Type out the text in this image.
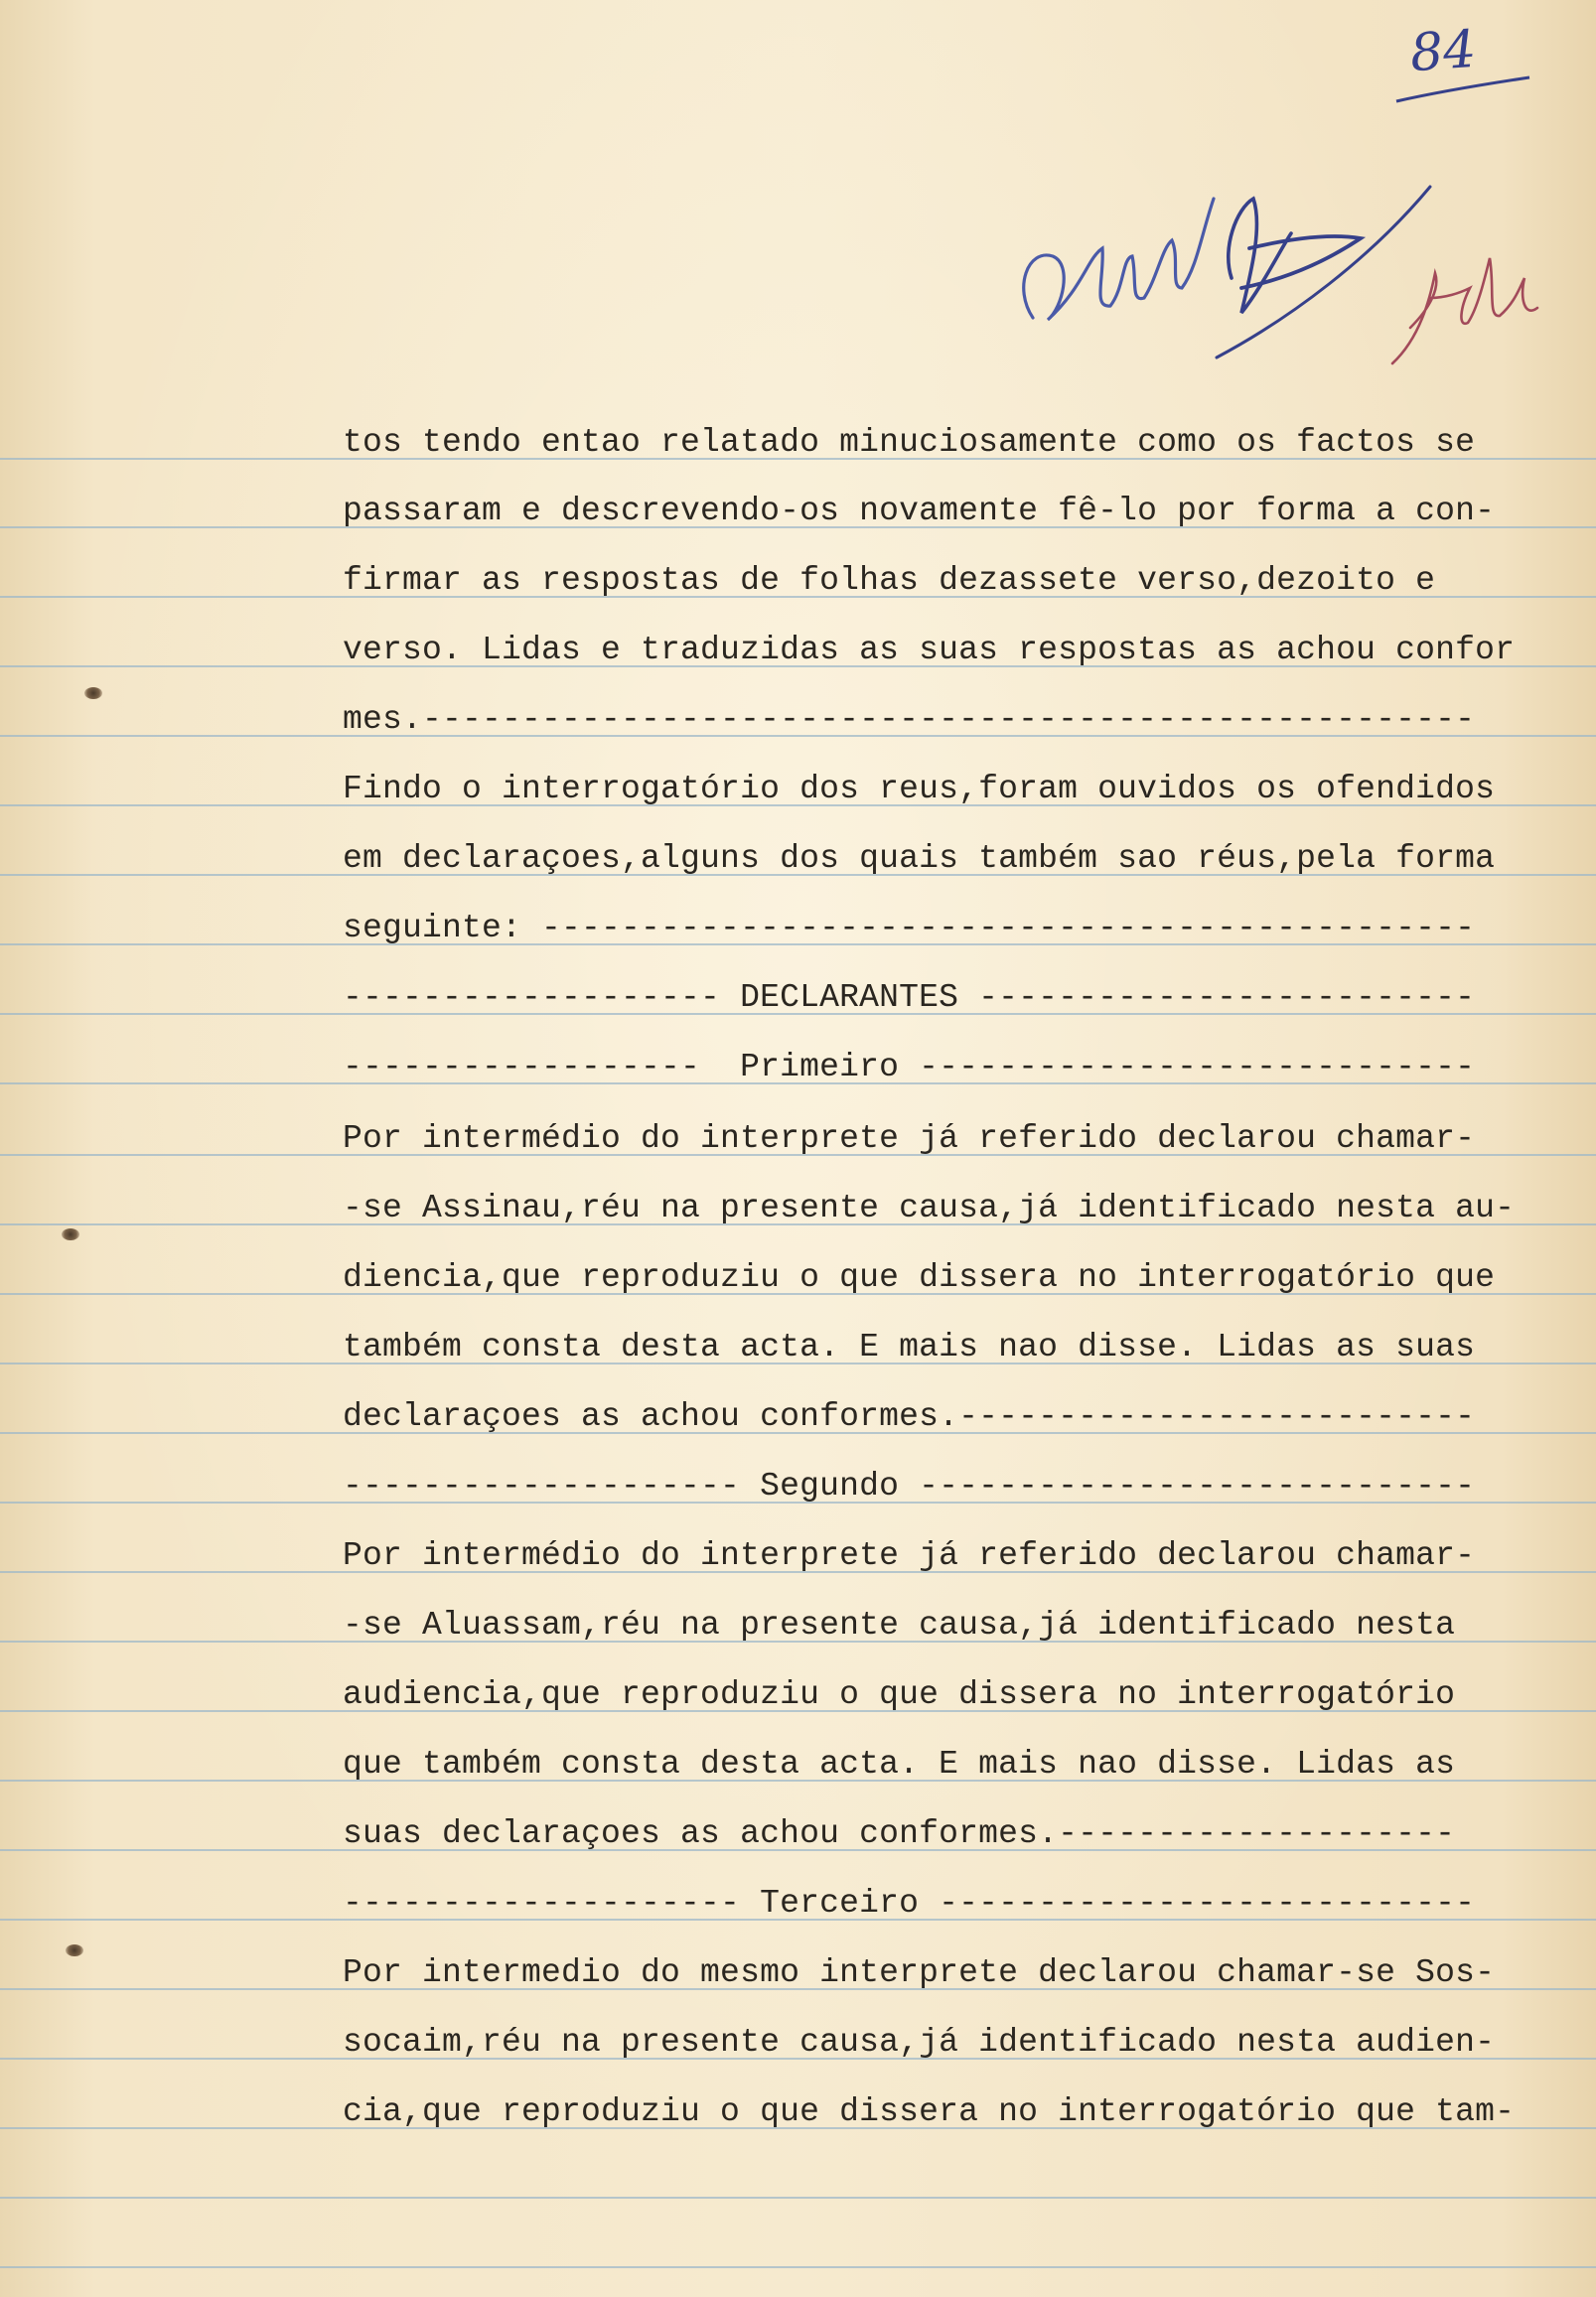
84
tos tendo entao relatado minuciosamente como os factos se
passaram e descrevendo-os novamente fê-lo por forma a con-
firmar as respostas de folhas dezassete verso,dezoito e
verso. Lidas e traduzidas as suas respostas as achou confor
mes.-----------------------------------------------------
Findo o interrogatório dos reus,foram ouvidos os ofendidos
em declaraçoes,alguns dos quais também sao réus,pela forma
seguinte: -----------------------------------------------
------------------- DECLARANTES -------------------------
------------------  Primeiro ----------------------------
Por intermédio do interprete já referido declarou chamar-
-se Assinau,réu na presente causa,já identificado nesta au-
diencia,que reproduziu o que dissera no interrogatório que
também consta desta acta. E mais nao disse. Lidas as suas
declaraçoes as achou conformes.--------------------------
-------------------- Segundo ----------------------------
Por intermédio do interprete já referido declarou chamar-
-se Aluassam,réu na presente causa,já identificado nesta
audiencia,que reproduziu o que dissera no interrogatório
que também consta desta acta. E mais nao disse. Lidas as
suas declaraçoes as achou conformes.--------------------
-------------------- Terceiro ---------------------------
Por intermedio do mesmo interprete declarou chamar-se Sos-
socaim,réu na presente causa,já identificado nesta audien-
cia,que reproduziu o que dissera no interrogatório que tam-
